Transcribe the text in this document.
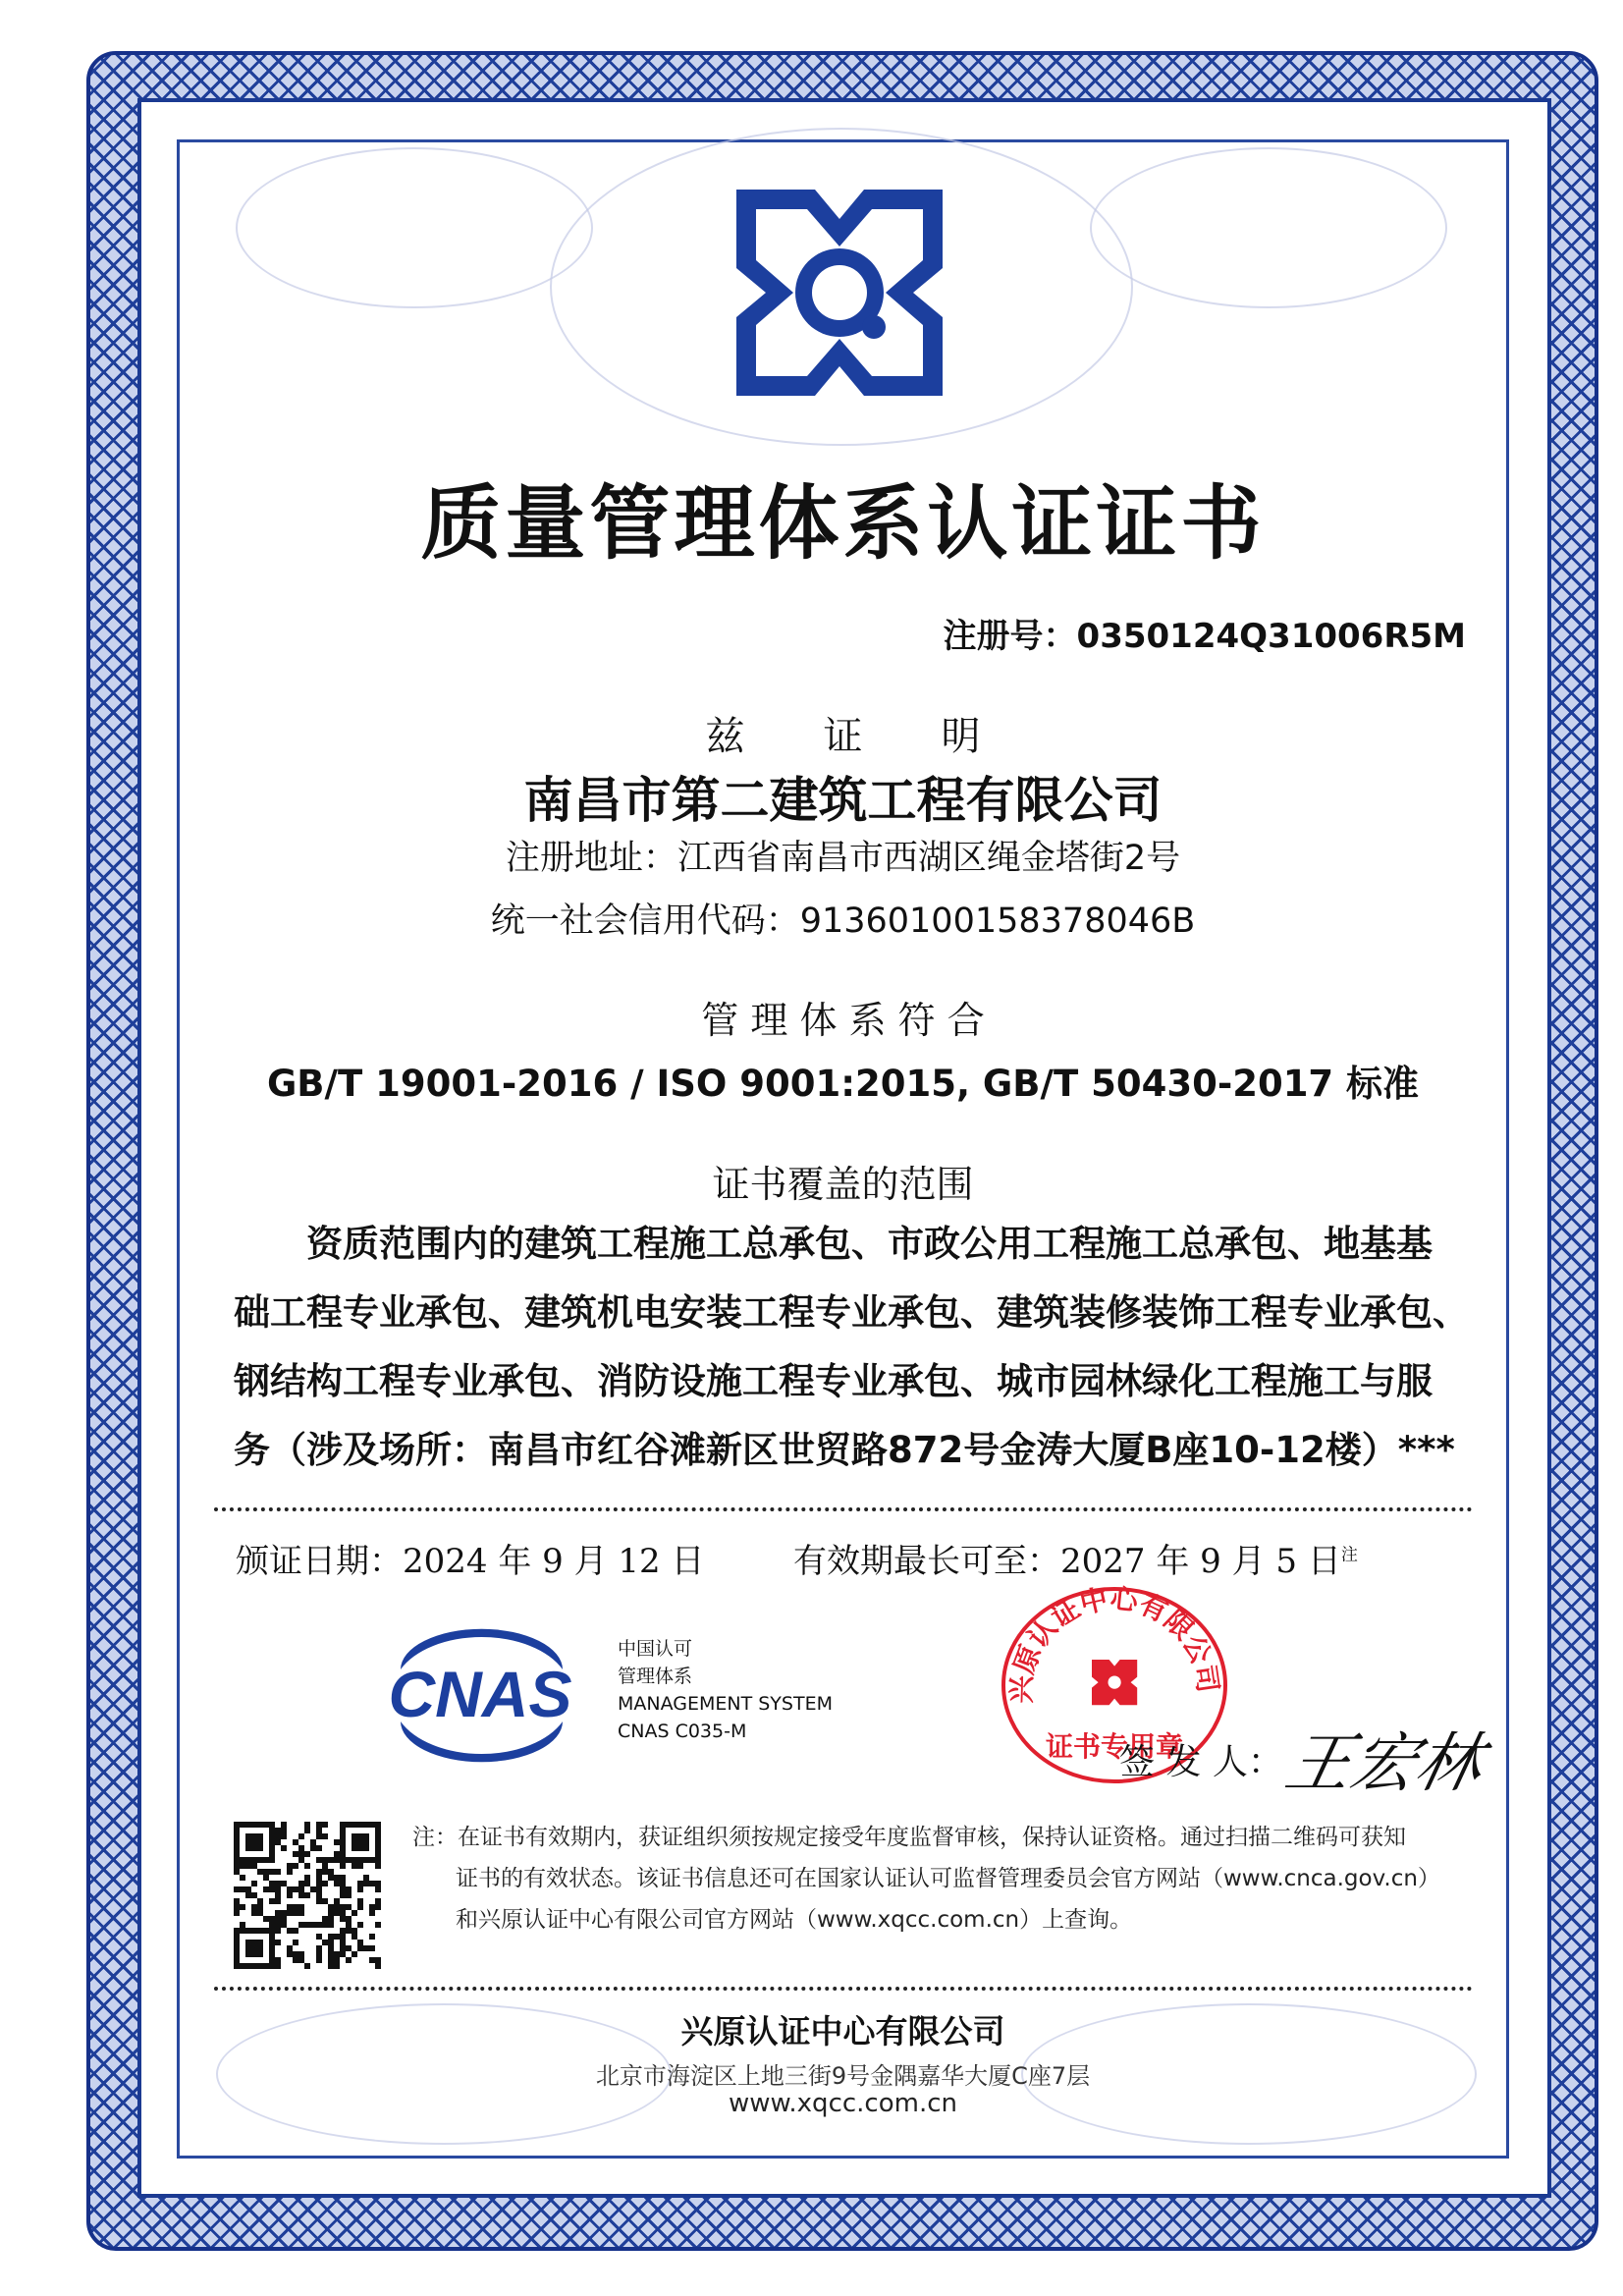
质量管理体系认证证书
注册号：0350124Q31006R5M
兹　　证　　明
南昌市第二建筑工程有限公司
注册地址：江西省南昌市西湖区绳金塔街2号
统一社会信用代码：91360100158378046B
管 理 体 系 符 合
GB/T 19001-2016 / ISO 9001:2015, GB/T 50430-2017 标准
证书覆盖的范围
　　资质范围内的建筑工程施工总承包、市政公用工程施工总承包、地基基
础工程专业承包、建筑机电安装工程专业承包、建筑装修装饰工程专业承包、
钢结构工程专业承包、消防设施工程专业承包、城市园林绿化工程施工与服
务（涉及场所：南昌市红谷滩新区世贸路872号金涛大厦B座10-12楼）***
颁证日期：2024 年 9 月 12 日	有效期最长可至：2027 年 9 月 5 日$^注$
CNAS
中国认可
管理体系
MANAGEMENT SYSTEM
CNAS C035-M
兴原认证中心有限公司
证书专用章
签 发 人：
王宏林
注：在证书有效期内，获证组织须按规定接受年度监督审核，保持认证资格。通过扫描二维码可获知
证书的有效状态。该证书信息还可在国家认证认可监督管理委员会官方网站（www.cnca.gov.cn）
和兴原认证中心有限公司官方网站（www.xqcc.com.cn）上查询。
兴原认证中心有限公司
北京市海淀区上地三街9号金隅嘉华大厦C座7层
www.xqcc.com.cn
